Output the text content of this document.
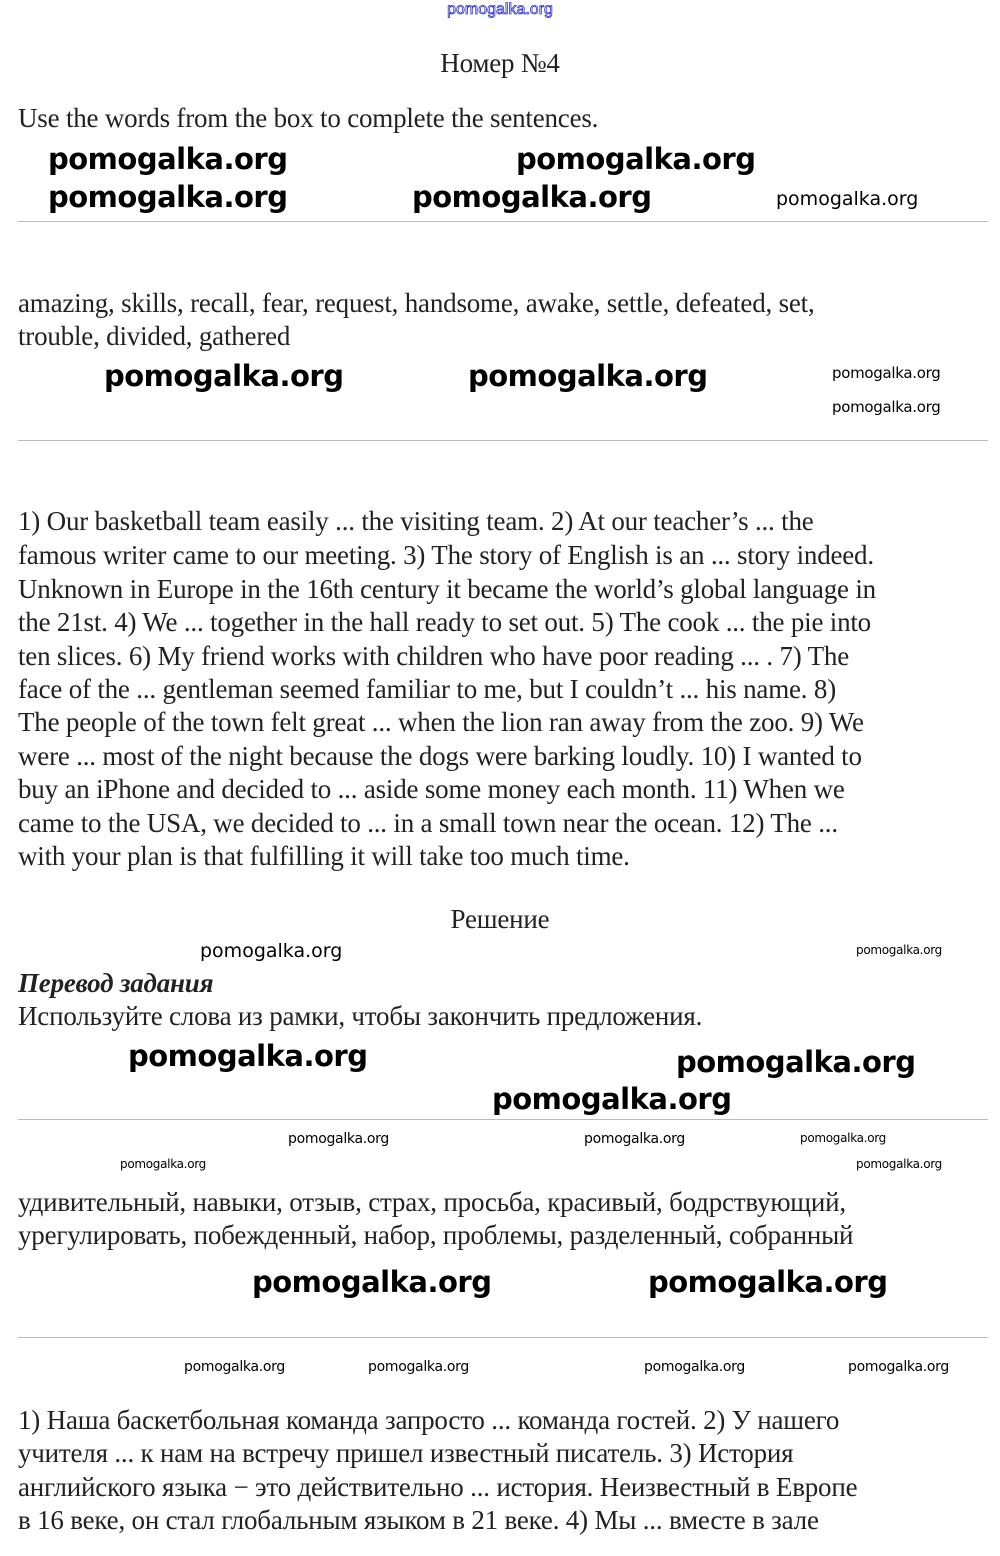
pomogalka.org
Номер №4
Use the words from the box to complete the sentences.
amazing, skills, recall, fear, request, handsome, awake, settle, defeated, set,
trouble, divided, gathered
1) Our basketball team easily ... the visiting team. 2) At our teacher’s ... the
famous writer came to our meeting. 3) The story of English is an ... story indeed.
Unknown in Europe in the 16th century it became the world’s global language in
the 21st. 4) We ... together in the hall ready to set out. 5) The cook ... the pie into
ten slices. 6) My friend works with children who have poor reading ... . 7) The
face of the ... gentleman seemed familiar to me, but I couldn’t ... his name. 8)
The people of the town felt great ... when the lion ran away from the zoo. 9) We
were ... most of the night because the dogs were barking loudly. 10) I wanted to
buy an iPhone and decided to ... aside some money each month. 11) When we
came to the USA, we decided to ... in a small town near the ocean. 12) The ...
with your plan is that fulfilling it will take too much time.
Решение
Перевод задания
Используйте слова из рамки, чтобы закончить предложения.
удивительный, навыки, отзыв, страх, просьба, красивый, бодрствующий,
урегулировать, побежденный, набор, проблемы, разделенный, собранный
1) Наша баскетбольная команда запросто ... команда гостей. 2) У нашего
учителя ... к нам на встречу пришел известный писатель. 3) История
английского языка − это действительно ... история. Неизвестный в Европе
в 16 веке, он стал глобальным языком в 21 веке. 4) Мы ... вместе в зале
pomogalka.org	pomogalka.org
pomogalka.org	pomogalka.org	pomogalka.org
pomogalka.org	pomogalka.org	pomogalka.org
pomogalka.org
pomogalka.org	pomogalka.org
pomogalka.org
pomogalka.org	pomogalka.org
pomogalka.org
pomogalka.org
pomogalka.org
pomogalka.org	pomogalka.org
pomogalka.org	pomogalka.org
pomogalka.org	pomogalka.org	pomogalka.org	pomogalka.org
